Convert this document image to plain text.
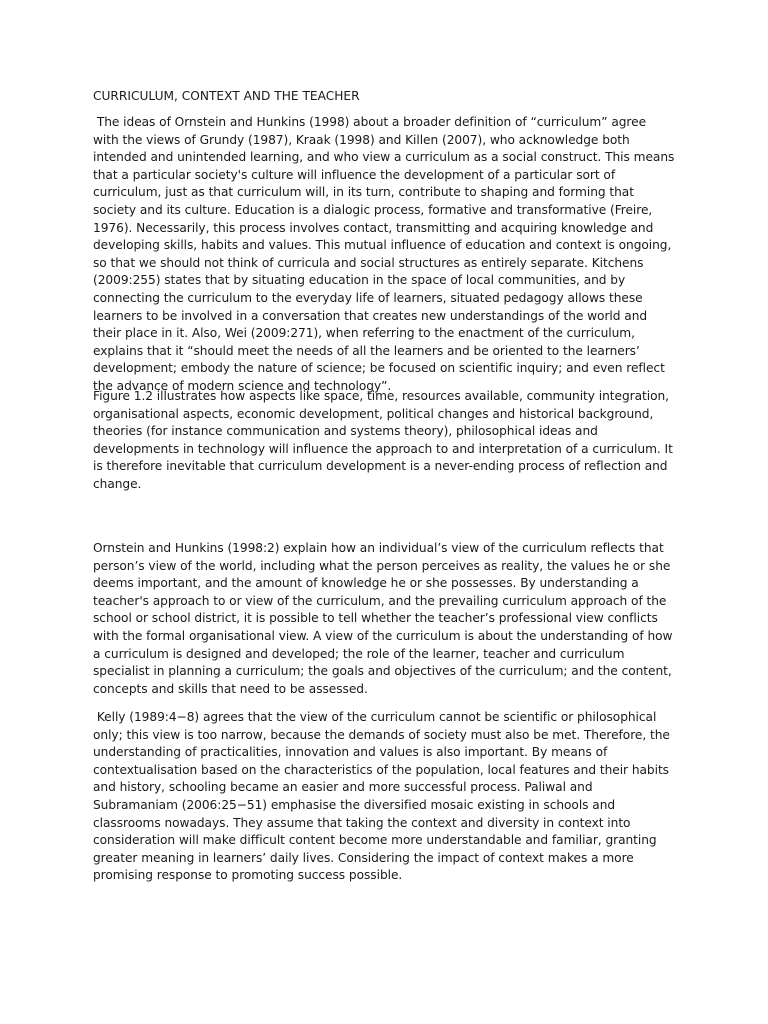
CURRICULUM, CONTEXT AND THE TEACHER

The ideas of Ornstein and Hunkins (1998) about a broader definition of “curriculum” agree with the views of Grundy (1987), Kraak (1998) and Killen (2007), who acknowledge both intended and unintended learning, and who view a curriculum as a social construct. This means that a particular society's culture will influence the development of a particular sort of curriculum, just as that curriculum will, in its turn, contribute to shaping and forming that society and its culture. Education is a dialogic process, formative and transformative (Freire, 1976). Necessarily, this process involves contact, transmitting and acquiring knowledge and developing skills, habits and values. This mutual influence of education and context is ongoing, so that we should not think of curricula and social structures as entirely separate. Kitchens (2009:255) states that by situating education in the space of local communities, and by connecting the curriculum to the everyday life of learners, situated pedagogy allows these learners to be involved in a conversation that creates new understandings of the world and their place in it. Also, Wei (2009:271), when referring to the enactment of the curriculum, explains that it “should meet the needs of all the learners and be oriented to the learners’ development; embody the nature of science; be focused on scientific inquiry; and even reflect the advance of modern science and technology”.

Figure 1.2 illustrates how aspects like space, time, resources available, community integration, organisational aspects, economic development, political changes and historical background, theories (for instance communication and systems theory), philosophical ideas and developments in technology will influence the approach to and interpretation of a curriculum. It is therefore inevitable that curriculum development is a never-ending process of reflection and change.

Ornstein and Hunkins (1998:2) explain how an individual’s view of the curriculum reflects that person’s view of the world, including what the person perceives as reality, the values he or she deems important, and the amount of knowledge he or she possesses. By understanding a teacher's approach to or view of the curriculum, and the prevailing curriculum approach of the school or school district, it is possible to tell whether the teacher’s professional view conflicts with the formal organisational view. A view of the curriculum is about the understanding of how a curriculum is designed and developed; the role of the learner, teacher and curriculum specialist in planning a curriculum; the goals and objectives of the curriculum; and the content, concepts and skills that need to be assessed.

Kelly (1989:4−8) agrees that the view of the curriculum cannot be scientific or philosophical only; this view is too narrow, because the demands of society must also be met. Therefore, the understanding of practicalities, innovation and values is also important. By means of contextualisation based on the characteristics of the population, local features and their habits and history, schooling became an easier and more successful process. Paliwal and Subramaniam (2006:25−51) emphasise the diversified mosaic existing in schools and classrooms nowadays. They assume that taking the context and diversity in context into consideration will make difficult content become more understandable and familiar, granting greater meaning in learners’ daily lives. Considering the impact of context makes a more promising response to promoting success possible.
